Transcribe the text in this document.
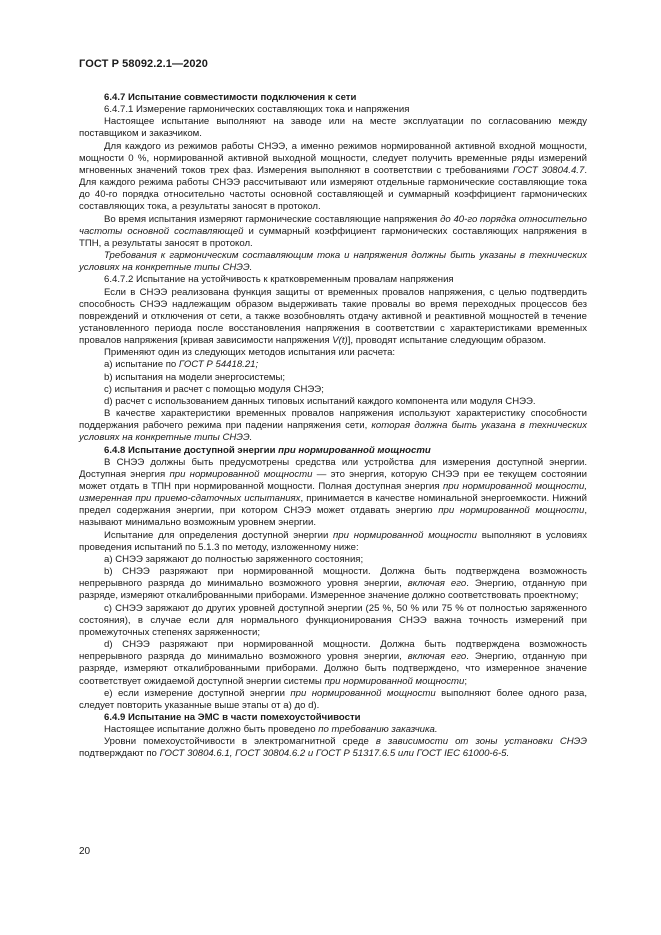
ГОСТ Р 58092.2.1—2020

6.4.7 Испытание совместимости подключения к сети

6.4.7.1 Измерение гармонических составляющих тока и напряжения

Настоящее испытание выполняют на заводе или на месте эксплуатации по согласованию между поставщиком и заказчиком.

Для каждого из режимов работы СНЭЭ, а именно режимов нормированной активной входной мощности, мощности 0 %, нормированной активной выходной мощности, следует получить временные ряды измерений мгновенных значений токов трех фаз. Измерения выполняют в соответствии с требованиями ГОСТ 30804.4.7. Для каждого режима работы СНЭЭ рассчитывают или измеряют отдельные гармонические составляющие тока до 40-го порядка относительно частоты основной составляющей и суммарный коэффициент гармонических составляющих тока, а результаты заносят в протокол.

Во время испытания измеряют гармонические составляющие напряжения до 40-го порядка относительно частоты основной составляющей и суммарный коэффициент гармонических составляющих напряжения в ТПН, а результаты заносят в протокол.

Требования к гармоническим составляющим тока и напряжения должны быть указаны в технических условиях на конкретные типы СНЭЭ.

6.4.7.2 Испытание на устойчивость к кратковременным провалам напряжения

Если в СНЭЭ реализована функция защиты от временных провалов напряжения, с целью подтвердить способность СНЭЭ надлежащим образом выдерживать такие провалы во время переходных процессов без повреждений и отключения от сети, а также возобновлять отдачу активной и реактивной мощностей в течение установленного периода после восстановления напряжения в соответствии с характеристиками временных провалов напряжения [кривая зависимости напряжения V(t)], проводят испытание следующим образом.

Применяют один из следующих методов испытания или расчета:

а) испытание по ГОСТ Р 54418.21;

b) испытания на модели энергосистемы;

c) испытания и расчет с помощью модуля СНЭЭ;

d) расчет с использованием данных типовых испытаний каждого компонента или модуля СНЭЭ.

В качестве характеристики временных провалов напряжения используют характеристику способности поддержания рабочего режима при падении напряжения сети, которая должна быть указана в технических условиях на конкретные типы СНЭЭ.

6.4.8 Испытание доступной энергии при нормированной мощности

В СНЭЭ должны быть предусмотрены средства или устройства для измерения доступной энергии. Доступная энергия при нормированной мощности — это энергия, которую СНЭЭ при ее текущем состоянии может отдать в ТПН при нормированной мощности. Полная доступная энергия при нормированной мощности, измеренная при приемо-сдаточных испытаниях, принимается в качестве номинальной энергоемкости. Нижний предел содержания энергии, при котором СНЭЭ может отдавать энергию при нормированной мощности, называют минимально возможным уровнем энергии.

Испытание для определения доступной энергии при нормированной мощности выполняют в условиях проведения испытаний по 5.1.3 по методу, изложенному ниже:

а) СНЭЭ заряжают до полностью заряженного состояния;

b) СНЭЭ разряжают при нормированной мощности. Должна быть подтверждена возможность непрерывного разряда до минимально возможного уровня энергии, включая его. Энергию, отданную при разряде, измеряют откалиброванными приборами. Измеренное значение должно соответствовать проектному;

c) СНЭЭ заряжают до других уровней доступной энергии (25 %, 50 % или 75 % от полностью заряженного состояния), в случае если для нормального функционирования СНЭЭ важна точность измерений при промежуточных степенях заряженности;

d) СНЭЭ разряжают при нормированной мощности. Должна быть подтверждена возможность непрерывного разряда до минимально возможного уровня энергии, включая его. Энергию, отданную при разряде, измеряют откалиброванными приборами. Должно быть подтверждено, что измеренное значение соответствует ожидаемой доступной энергии системы при нормированной мощности;

е) если измерение доступной энергии при нормированной мощности выполняют более одного раза, следует повторить указанные выше этапы от а) до d).

6.4.9 Испытание на ЭМС в части помехоустойчивости

Настоящее испытание должно быть проведено по требованию заказчика.

Уровни помехоустойчивости в электромагнитной среде в зависимости от зоны установки СНЭЭ подтверждают по ГОСТ 30804.6.1, ГОСТ 30804.6.2 и ГОСТ Р 51317.6.5 или ГОСТ IEC 61000-6-5.

20
